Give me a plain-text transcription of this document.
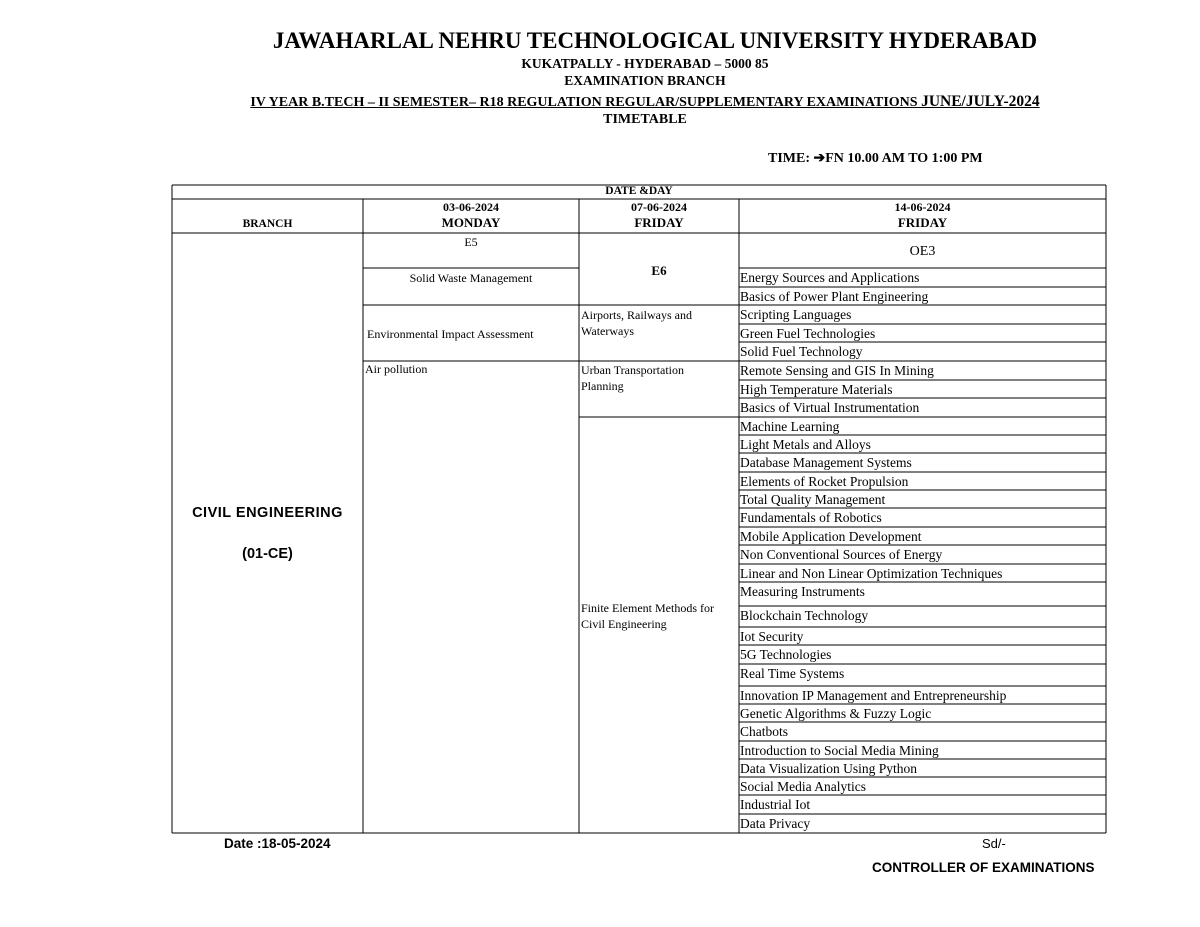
JAWAHARLAL NEHRU TECHNOLOGICAL UNIVERSITY HYDERABAD
KUKATPALLY - HYDERABAD – 5000 85
EXAMINATION BRANCH
IV YEAR B.TECH – II SEMESTER– R18 REGULATION REGULAR/SUPPLEMENTARY EXAMINATIONS JUNE/JULY-2024
TIMETABLE
TIME: ➔FN 10.00 AM TO 1:00 PM
DATE &DAY
BRANCH
03-06-2024
MONDAY
07-06-2024
FRIDAY
14-06-2024
FRIDAY
CIVIL ENGINEERING
(01-CE)
E5
Solid Waste Management
Environmental Impact Assessment
Air pollution
E6
Airports, Railways and Waterways
Urban Transportation Planning
Finite Element Methods for Civil Engineering
OE3
Energy Sources and Applications
Basics of Power Plant Engineering
Scripting Languages
Green Fuel Technologies
Solid Fuel Technology
Remote Sensing and GIS In Mining
High Temperature Materials
Basics of Virtual Instrumentation
Machine Learning
Light Metals and Alloys
Database Management Systems
Elements of Rocket Propulsion
Total Quality Management
Fundamentals of Robotics
Mobile Application Development
Non Conventional Sources of Energy
Linear and Non Linear Optimization Techniques
Measuring Instruments
Blockchain Technology
Iot Security
5G Technologies
Real Time Systems
Innovation IP Management and Entrepreneurship
Genetic Algorithms & Fuzzy Logic
Chatbots
Introduction to Social Media Mining
Data Visualization Using Python
Social Media Analytics
Industrial Iot
Data Privacy
Date :18-05-2024	Sd/-
CONTROLLER OF EXAMINATIONS
